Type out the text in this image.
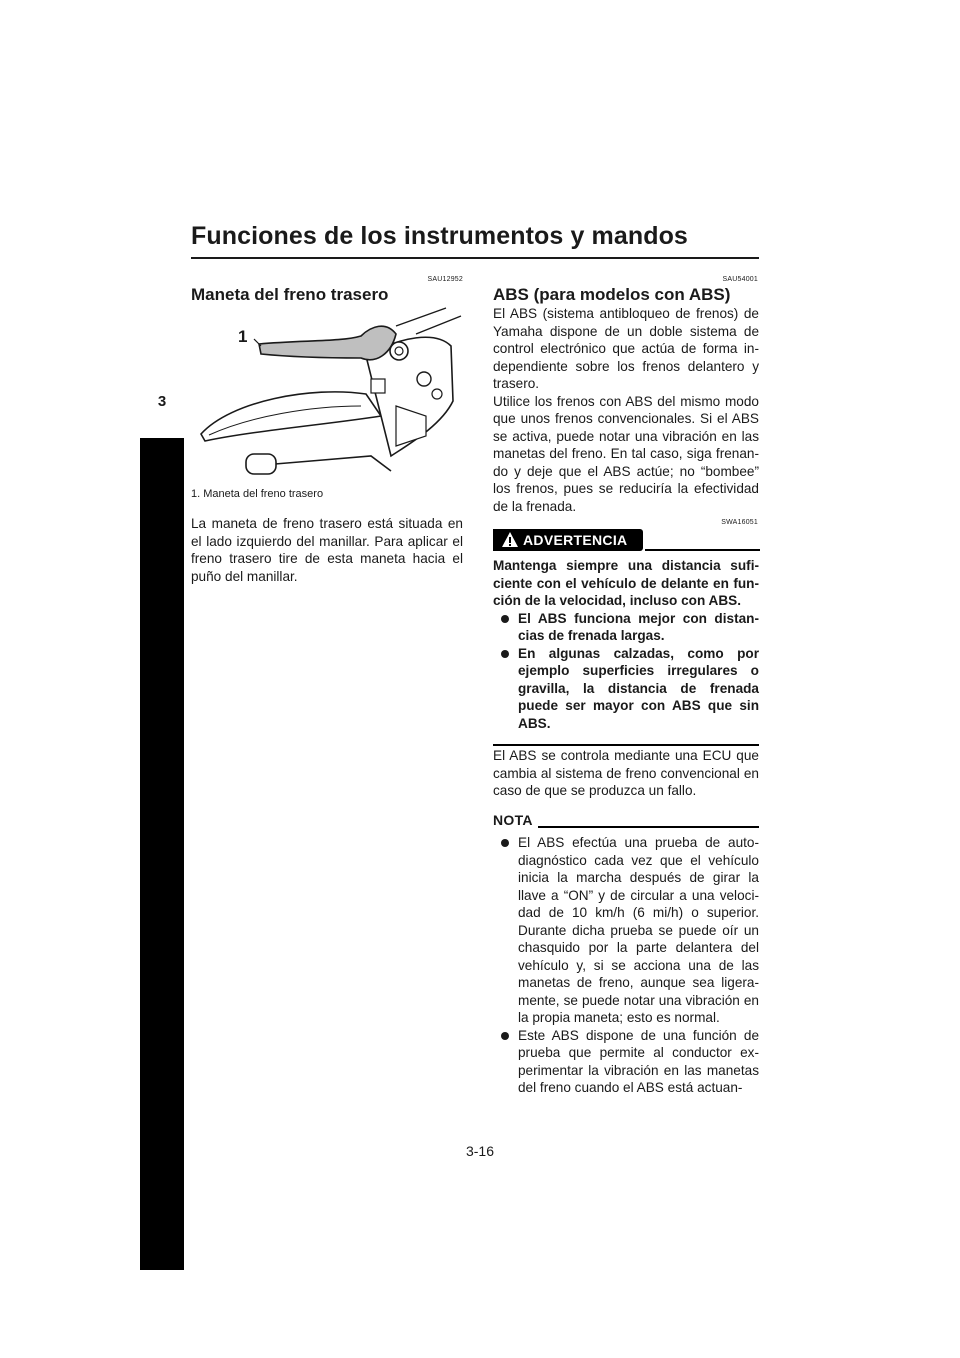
Funciones de los instrumentos y mandos
3
SAU12952
Maneta del freno trasero
1
1. Maneta del freno trasero
La maneta de freno trasero está situada en el lado izquierdo del manillar. Para aplicar el freno trasero tire de esta maneta hacia el puño del manillar.
SAU54001
ABS (para modelos con ABS)

El ABS (sistema antibloqueo de frenos) de Yamaha dispone de un doble sistema de control electrónico que actúa de forma in- dependiente sobre los frenos delantero y trasero.

Utilice los frenos con ABS del mismo modo que unos frenos convencionales. Si el ABS se activa, puede notar una vibración en las manetas del freno. En tal caso, siga frenan- do y deje que el ABS actúe; no “bombee” los frenos, pues se reduciría la efectividad de la frenada.

SWA16051
ADVERTENCIA

Mantenga siempre una distancia sufi- ciente con el vehículo de delante en fun- ción de la velocidad, incluso con ABS.

El ABS funciona mejor con distan- cias de frenada largas.
En algunas calzadas, como por ejemplo superficies irregulares o gravilla, la distancia de frenada puede ser mayor con ABS que sin ABS.
El ABS se controla mediante una ECU que cambia al sistema de freno convencional en caso de que se produzca un fallo.
NOTA
El ABS efectúa una prueba de auto- diagnóstico cada vez que el vehículo inicia la marcha después de girar la llave a “ON” y de circular a una veloci- dad de 10 km/h (6 mi/h) o superior. Durante dicha prueba se puede oír un chasquido por la parte delantera del vehículo y, si se acciona una de las manetas de freno, aunque sea ligera- mente, se puede notar una vibración en la propia maneta; esto es normal.
Este ABS dispone de una función de prueba que permite al conductor ex- perimentar la vibración en las manetas del freno cuando el ABS está actuan-
3-16
